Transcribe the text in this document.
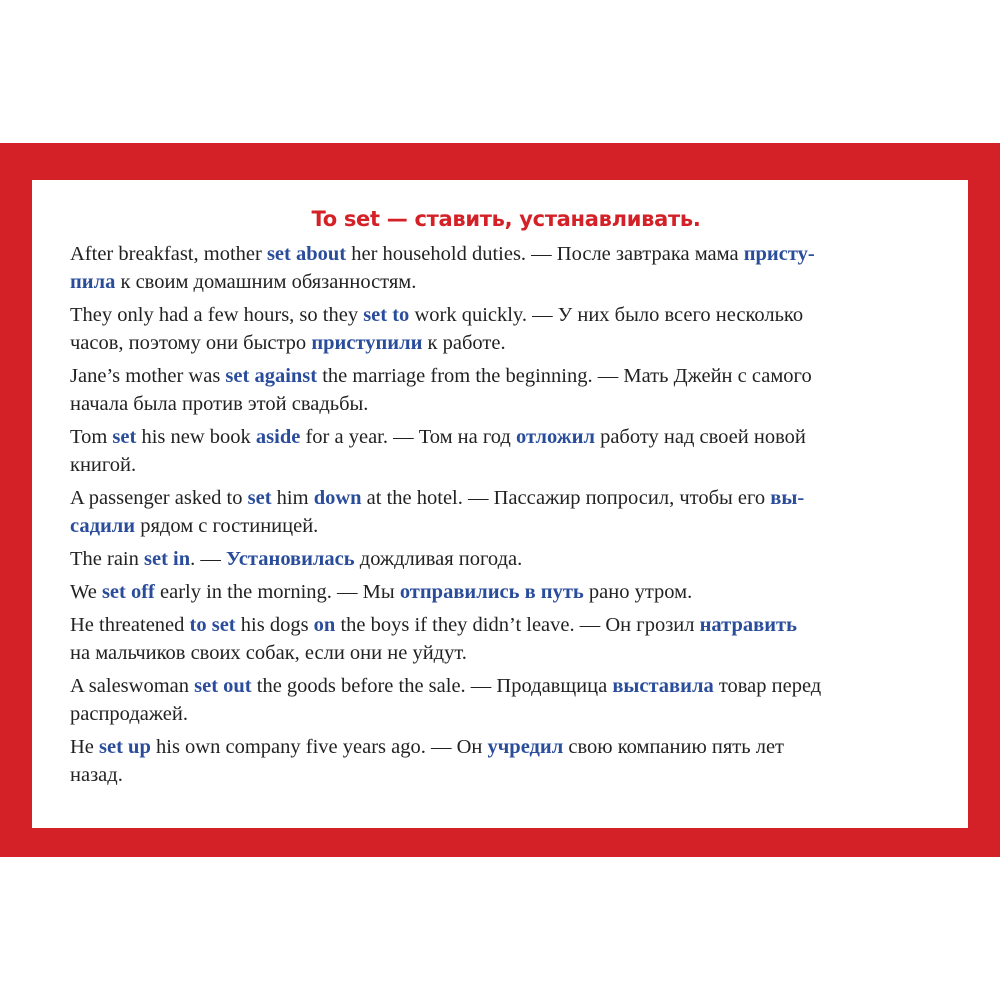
To set — ставить, устанавливать.

After breakfast, mother set about her household duties. — После завтрака мама присту-
пила к своим домашним обязанностям.

They only had a few hours, so they set to work quickly. — У них было всего несколько
часов, поэтому они быстро приступили к работе.

Jane’s mother was set against the marriage from the beginning. — Мать Джейн с самого
начала была против этой свадьбы.

Tom set his new book aside for a year. — Том на год отложил работу над своей новой
книгой.

A passenger asked to set him down at the hotel. — Пассажир попросил, чтобы его вы-
садили рядом с гостиницей.

The rain set in. — Установилась дождливая погода.

We set off early in the morning. — Мы отправились в путь рано утром.

He threatened to set his dogs on the boys if they didn’t leave. — Он грозил натравить
на мальчиков своих собак, если они не уйдут.

A saleswoman set out the goods before the sale. — Продавщица выставила товар перед
распродажей.

He set up his own company five years ago. — Он учредил свою компанию пять лет
назад.
